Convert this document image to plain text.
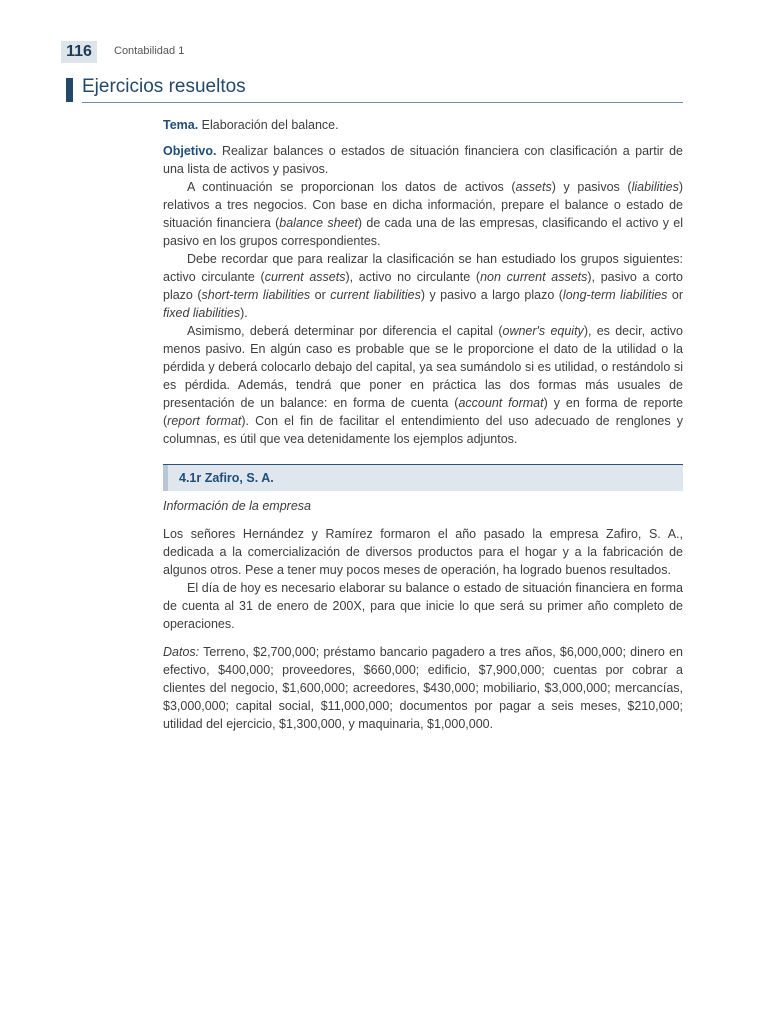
116	Contabilidad 1
Ejercicios resueltos

Tema. Elaboración del balance.

Objetivo. Realizar balances o estados de situación financiera con clasificación a partir de una lista de activos y pasivos.

A continuación se proporcionan los datos de activos (assets) y pasivos (liabilities) relativos a tres negocios. Con base en dicha información, prepare el balance o estado de situación financiera (balance sheet) de cada una de las empresas, clasificando el activo y el pasivo en los grupos correspondientes.

Debe recordar que para realizar la clasificación se han estudiado los grupos siguientes: activo circulante (current assets), activo no circulante (non current assets), pasivo a corto plazo (short-term liabilities or current liabilities) y pasivo a largo plazo (long-term liabilities or fixed liabilities).

Asimismo, deberá determinar por diferencia el capital (owner's equity), es decir, activo menos pasivo. En algún caso es probable que se le proporcione el dato de la utilidad o la pérdida y deberá colocarlo debajo del capital, ya sea sumándolo si es utilidad, o restándolo si es pérdida. Además, tendrá que poner en práctica las dos formas más usuales de presentación de un balance: en forma de cuenta (account format) y en forma de reporte (report format). Con el fin de facilitar el entendimiento del uso adecuado de renglones y columnas, es útil que vea detenidamente los ejemplos adjuntos.

4.1r Zafiro, S. A.

Información de la empresa

Los señores Hernández y Ramírez formaron el año pasado la empresa Zafiro, S. A., dedicada a la comercialización de diversos productos para el hogar y a la fabricación de algunos otros. Pese a tener muy pocos meses de operación, ha logrado buenos resultados.

El día de hoy es necesario elaborar su balance o estado de situación financiera en forma de cuenta al 31 de enero de 200X, para que inicie lo que será su primer año completo de operaciones.

Datos: Terreno, $2,700,000; préstamo bancario pagadero a tres años, $6,000,000; dinero en efectivo, $400,000; proveedores, $660,000; edificio, $7,900,000; cuentas por cobrar a clientes del negocio, $1,600,000; acreedores, $430,000; mobiliario, $3,000,000; mercancías, $3,000,000; capital social, $11,000,000; documentos por pagar a seis meses, $210,000; utilidad del ejercicio, $1,300,000, y maquinaria, $1,000,000.
